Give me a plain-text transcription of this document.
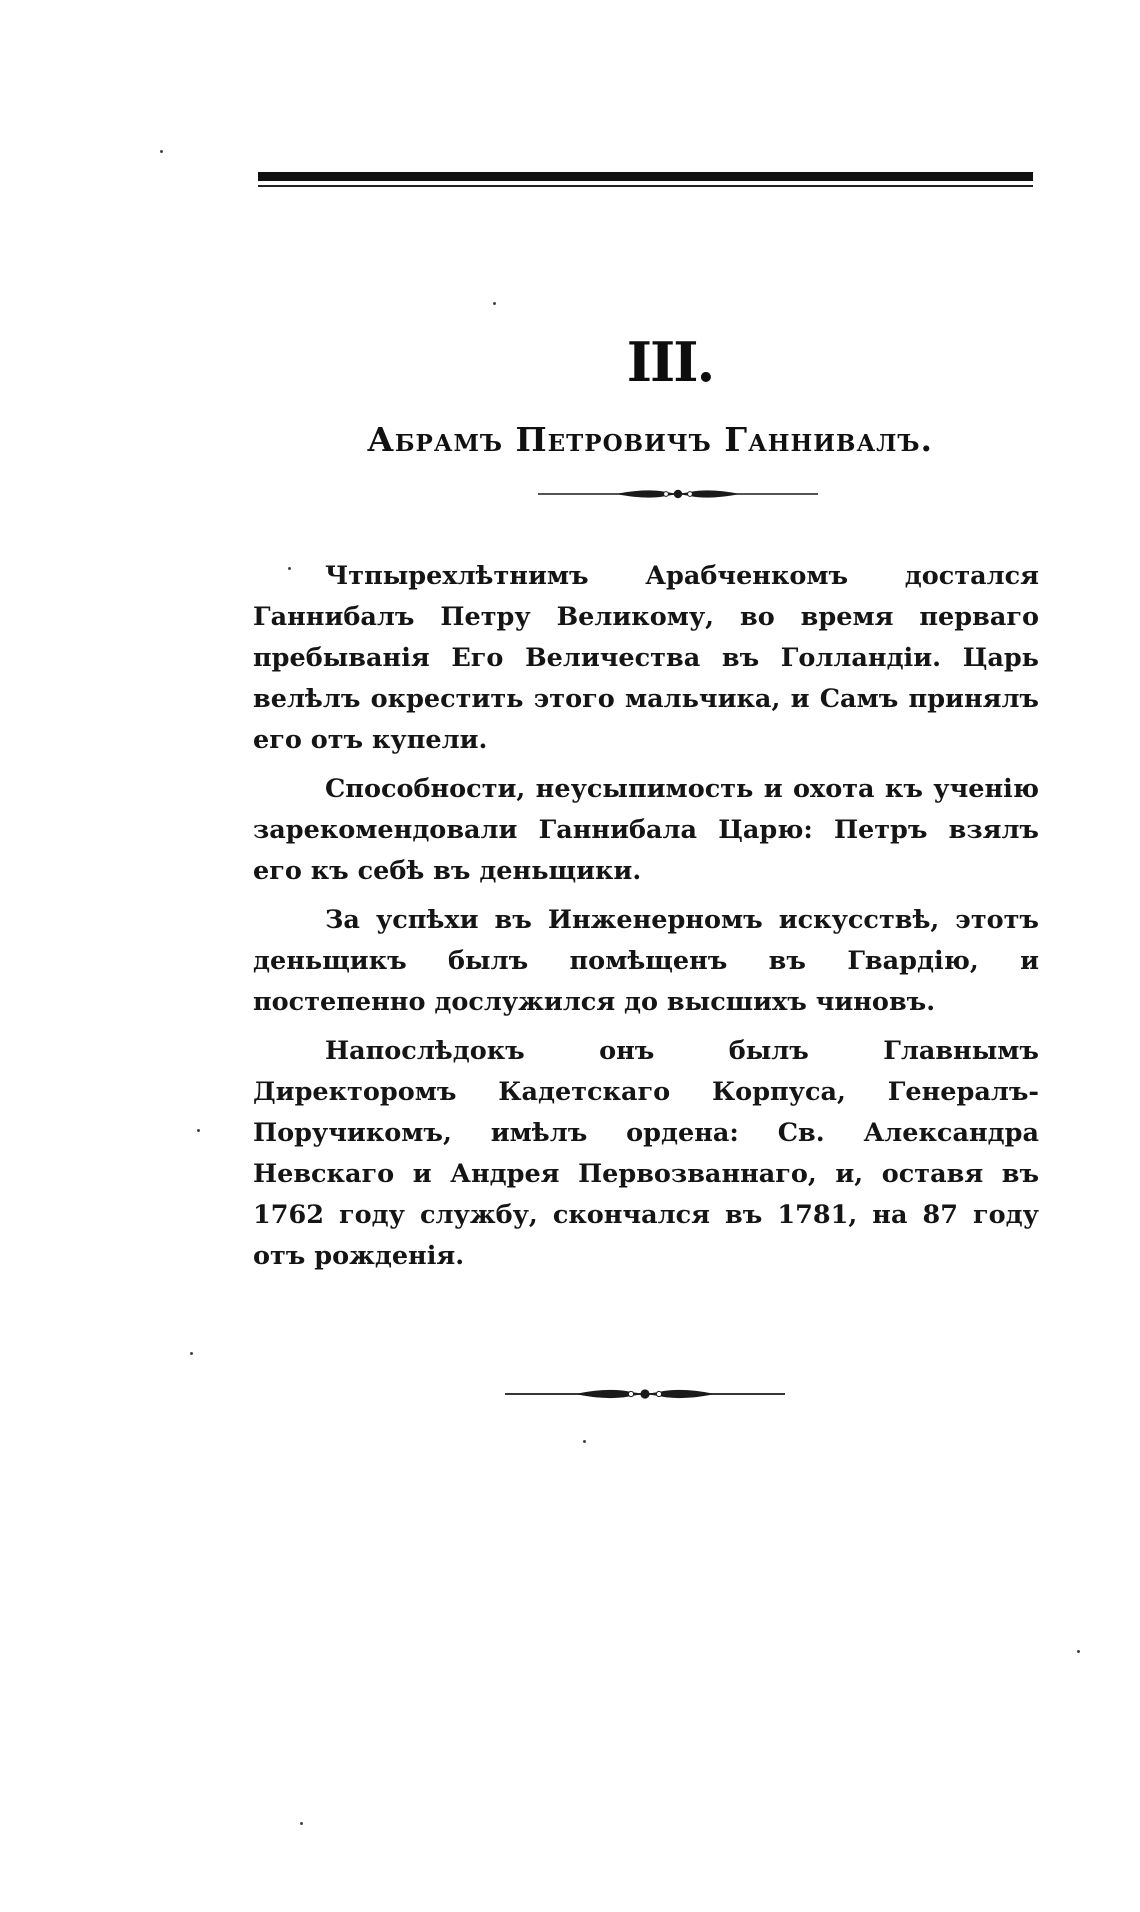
III.
Абрамъ Петровичъ Ганнивалъ.

Чтпырехлѣтнимъ Арабченкомъ достался Ганнибалъ Петру Великому, во время перваго пребыванія Его Величества въ Голландіи. Царь велѣлъ окрестить этого мальчика, и Самъ принялъ его отъ купели.

Способности, неусыпимость и охота къ ученію зарекомендовали Ганнибала Царю: Петръ взялъ его къ себѣ въ деньщики.

За успѣхи въ Инженерномъ искусствѣ, этотъ деньщикъ былъ помѣщенъ въ Гвардію, и постепенно дослужился до высшихъ чиновъ.

Напослѣдокъ онъ былъ Главнымъ Директоромъ Кадетскаго Корпуса, Генералъ-Поручикомъ, имѣлъ ордена: Св. Александра Невскаго и Андрея Первозваннаго, и, оставя въ 1762 году службу, скончался въ 1781, на 87 году отъ рожденія.
